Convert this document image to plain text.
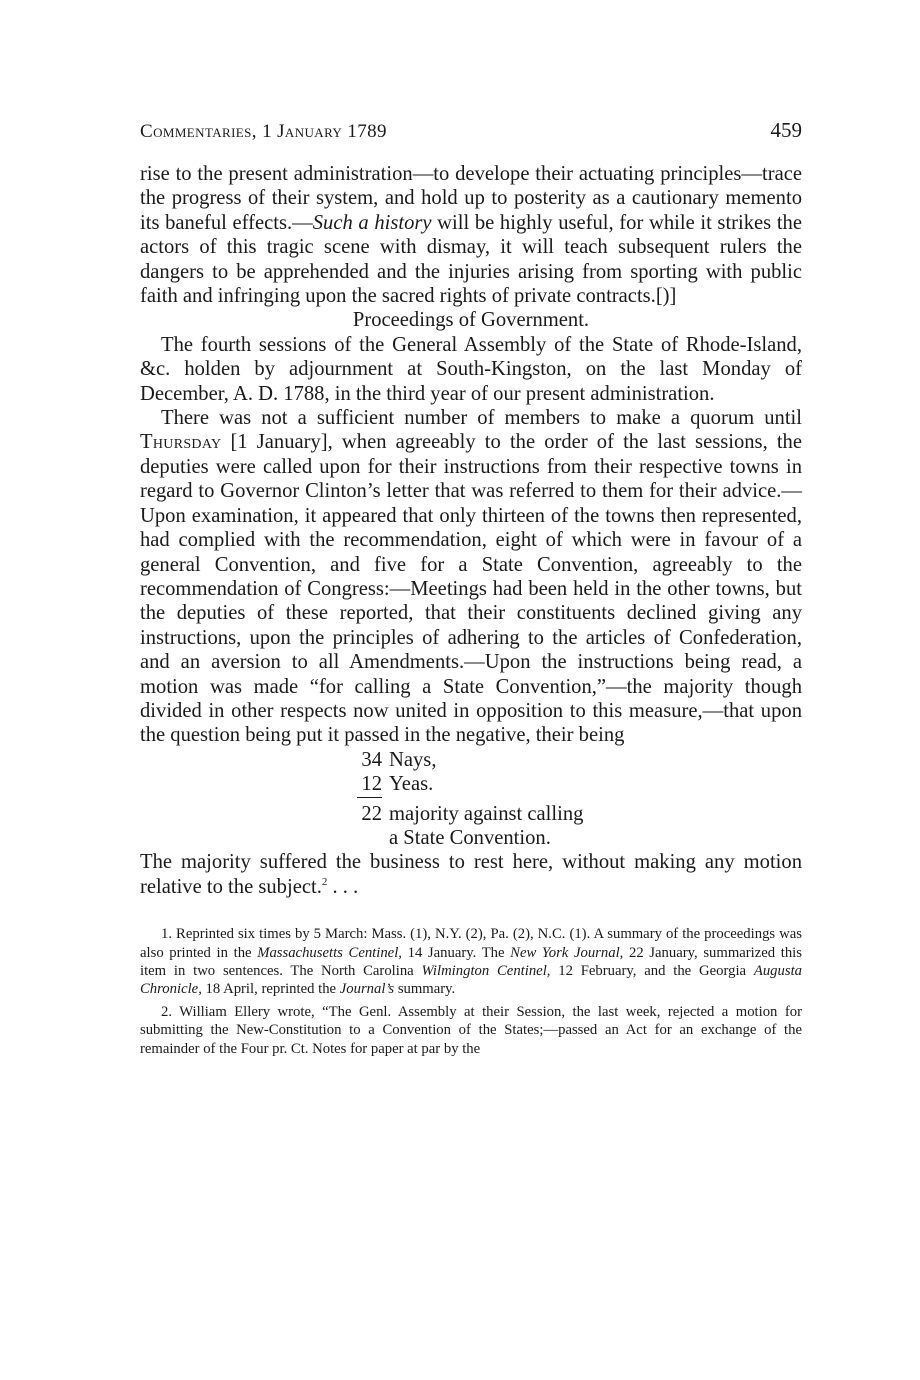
Commentaries, 1 January 1789	459

rise to the present administration—to develope their actuating principles—trace the progress of their system, and hold up to posterity as a cautionary memento its baneful effects.—Such a history will be highly useful, for while it strikes the actors of this tragic scene with dismay, it will teach subsequent rulers the dangers to be apprehended and the injuries arising from sporting with public faith and infringing upon the sacred rights of private contracts.[)]

Proceedings of Government.

The fourth sessions of the General Assembly of the State of Rhode-Island, &c. holden by adjournment at South-Kingston, on the last Monday of December, A. D. 1788, in the third year of our present administration.

There was not a sufficient number of members to make a quorum until Thursday [1 January], when agreeably to the order of the last sessions, the deputies were called upon for their instructions from their respective towns in regard to Governor Clinton’s letter that was referred to them for their advice.—Upon examination, it appeared that only thirteen of the towns then represented, had complied with the recommendation, eight of which were in favour of a general Convention, and five for a State Convention, agreeably to the recommendation of Congress:—Meetings had been held in the other towns, but the deputies of these reported, that their constituents declined giving any instructions, upon the principles of adhering to the articles of Confederation, and an aversion to all Amendments.—Upon the instructions being read, a motion was made “for calling a State Convention,”—the majority though divided in other respects now united in opposition to this measure,—that upon the question being put it passed in the negative, their being

34 Nays,
12 Yeas.
22 majority against calling
a State Convention.

The majority suffered the business to rest here, without making any motion relative to the subject.$^2$ . . .

1. Reprinted six times by 5 March: Mass. (1), N.Y. (2), Pa. (2), N.C. (1). A summary of the proceedings was also printed in the Massachusetts Centinel, 14 January. The New York Journal, 22 January, summarized this item in two sentences. The North Carolina Wilmington Centinel, 12 February, and the Georgia Augusta Chronicle, 18 April, reprinted the Journal’s summary.

2. William Ellery wrote, “The Genl. Assembly at their Session, the last week, rejected a motion for submitting the New-Constitution to a Convention of the States;—passed an Act for an exchange of the remainder of the Four pr. Ct. Notes for paper at par by the
